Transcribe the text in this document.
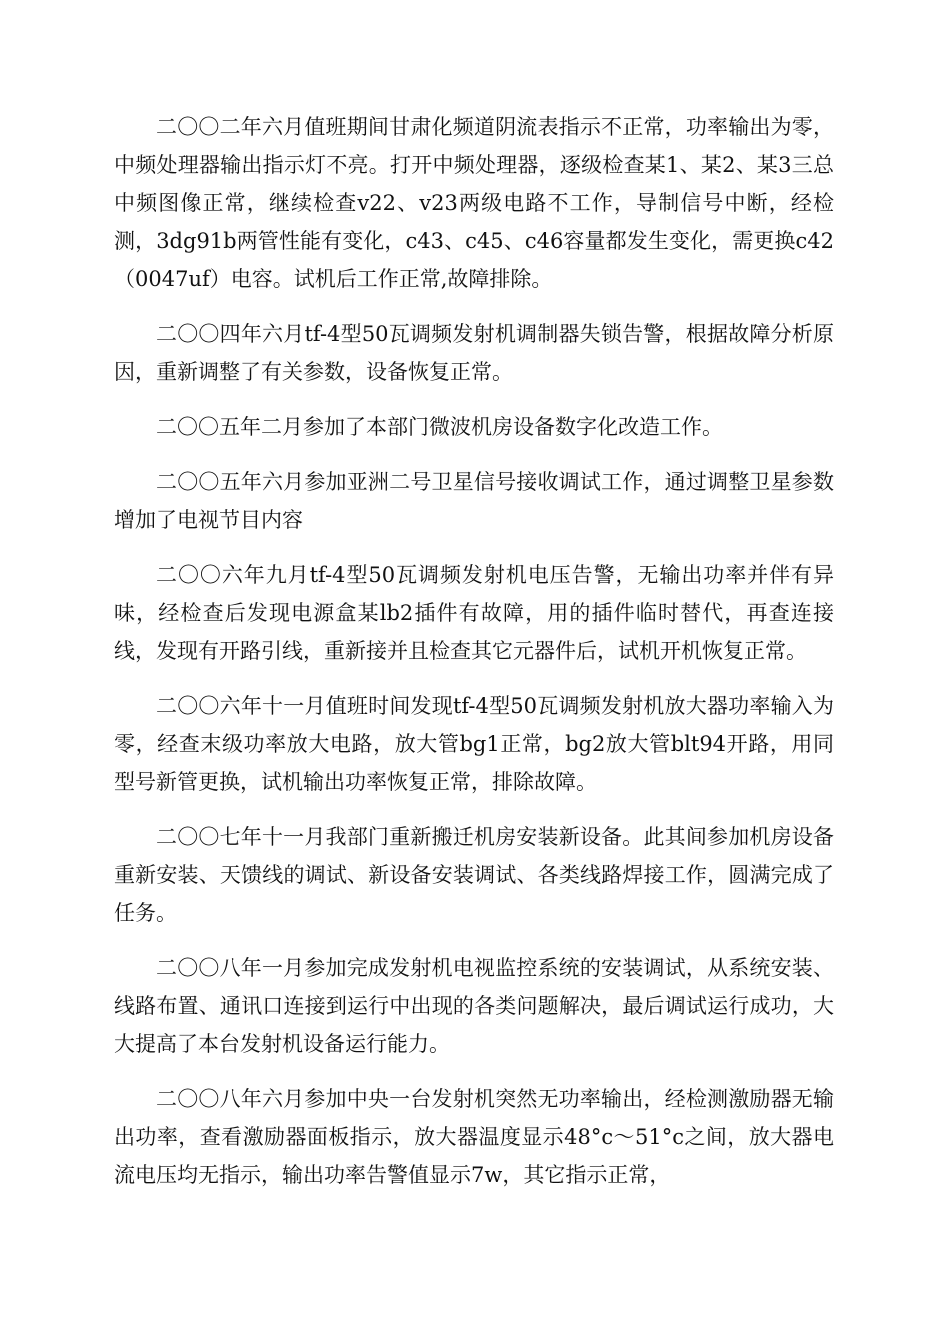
二〇〇二年六月值班期间甘肃化频道阴流表指示不正常，功率输出为零，中频处理器输出指示灯不亮。打开中频处理器，逐级检查某1、某2、某3三总中频图像正常，继续检查v22、v23两级电路不工作，导制信号中断，经检测，3dg91b两管性能有变化，c43、c45、c46容量都发生变化，需更换c42（0047uf）电容。试机后工作正常,故障排除。

二〇〇四年六月tf-4型50瓦调频发射机调制器失锁告警，根据故障分析原因，重新调整了有关参数，设备恢复正常。

二〇〇五年二月参加了本部门微波机房设备数字化改造工作。

二〇〇五年六月参加亚洲二号卫星信号接收调试工作，通过调整卫星参数增加了电视节目内容

二〇〇六年九月tf-4型50瓦调频发射机电压告警，无输出功率并伴有异味，经检查后发现电源盒某lb2插件有故障，用的插件临时替代，再查连接线，发现有开路引线，重新接并且检查其它元器件后，试机开机恢复正常。

二〇〇六年十一月值班时间发现tf-4型50瓦调频发射机放大器功率输入为零，经查末级功率放大电路，放大管bg1正常，bg2放大管blt94开路，用同型号新管更换，试机输出功率恢复正常，排除故障。

二〇〇七年十一月我部门重新搬迁机房安装新设备。此其间参加机房设备重新安装、天馈线的调试、新设备安装调试、各类线路焊接工作，圆满完成了任务。

二〇〇八年一月参加完成发射机电视监控系统的安装调试，从系统安装、线路布置、通讯口连接到运行中出现的各类问题解决，最后调试运行成功，大大提高了本台发射机设备运行能力。

二〇〇八年六月参加中央一台发射机突然无功率输出，经检测激励器无输出功率，查看激励器面板指示，放大器温度显示48°c～51°c之间，放大器电流电压均无指示，输出功率告警值显示7w，其它指示正常，
